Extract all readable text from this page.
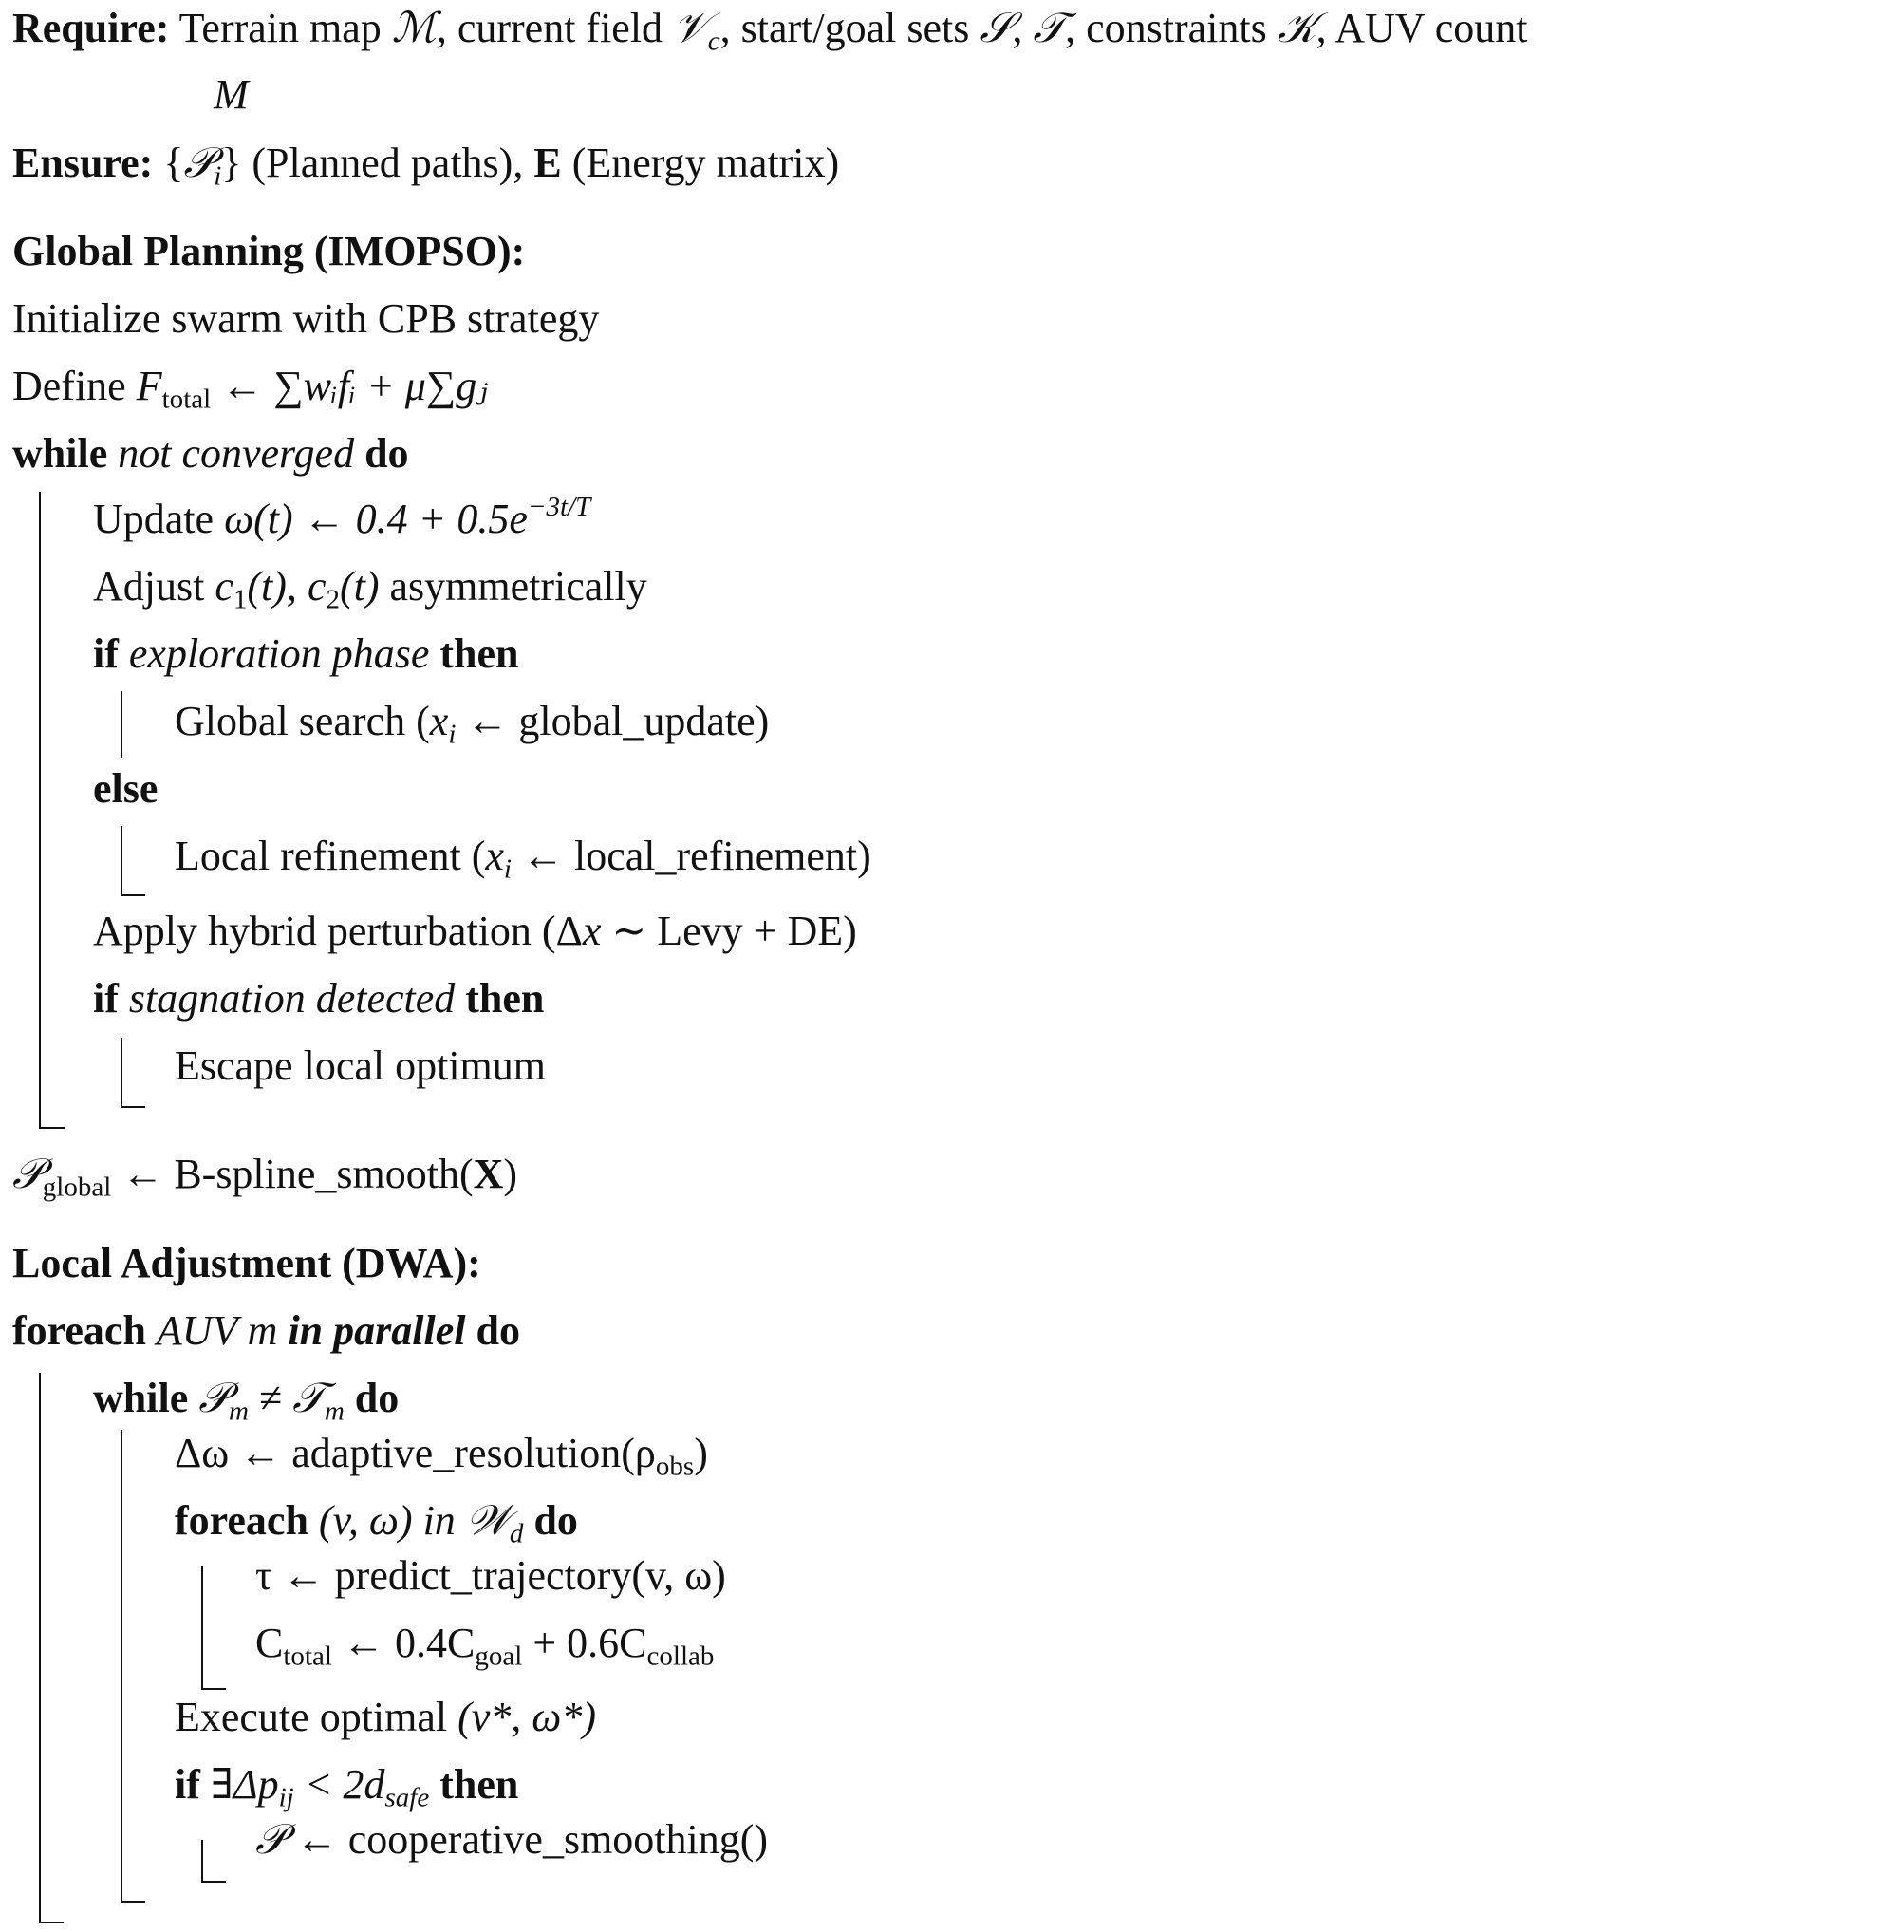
Require: Terrain map ℳ, current field 𝒱$_c$, start/goal sets 𝒮, 𝒯, constraints 𝒦, AUV count
M
Ensure: {𝒫$_i$} (Planned paths), E (Energy matrix)
Global Planning (IMOPSO):
Initialize swarm with CPB strategy
Define $F_{total}$ ← ∑wᵢfᵢ + μ∑gⱼ
while not converged do
Update ω(t) ← $0.4 + 0.5e^{-3t/T}$
Adjust $c_1(t)$, $c_2(t)$ asymmetrically
if exploration phase then
Global search ($x_i$ ← global_update)
else
Local refinement ($x_i$ ← local_refinement)
Apply hybrid perturbation (Δx ∼ Levy + DE)
if stagnation detected then
Escape local optimum
𝒫$_{global}$ ← B-spline_smooth(X)
Local Adjustment (DWA):
foreach AUV m in parallel do
while 𝒫$_m$ ≠ 𝒯$_m$ do
Δω ← $adaptive\_resolution(\rho_{obs})$
foreach (v, ω) in 𝒲$_d$ do
τ ← predict_trajectory(v, ω)
$C_{total}$ ← $0.4C_{goal} + 0.6C_{collab}$
Execute optimal (v*, ω*)
if $\exists\Delta p_{ij} < 2d_{safe}$ then
𝒫 ← cooperative_smoothing()
